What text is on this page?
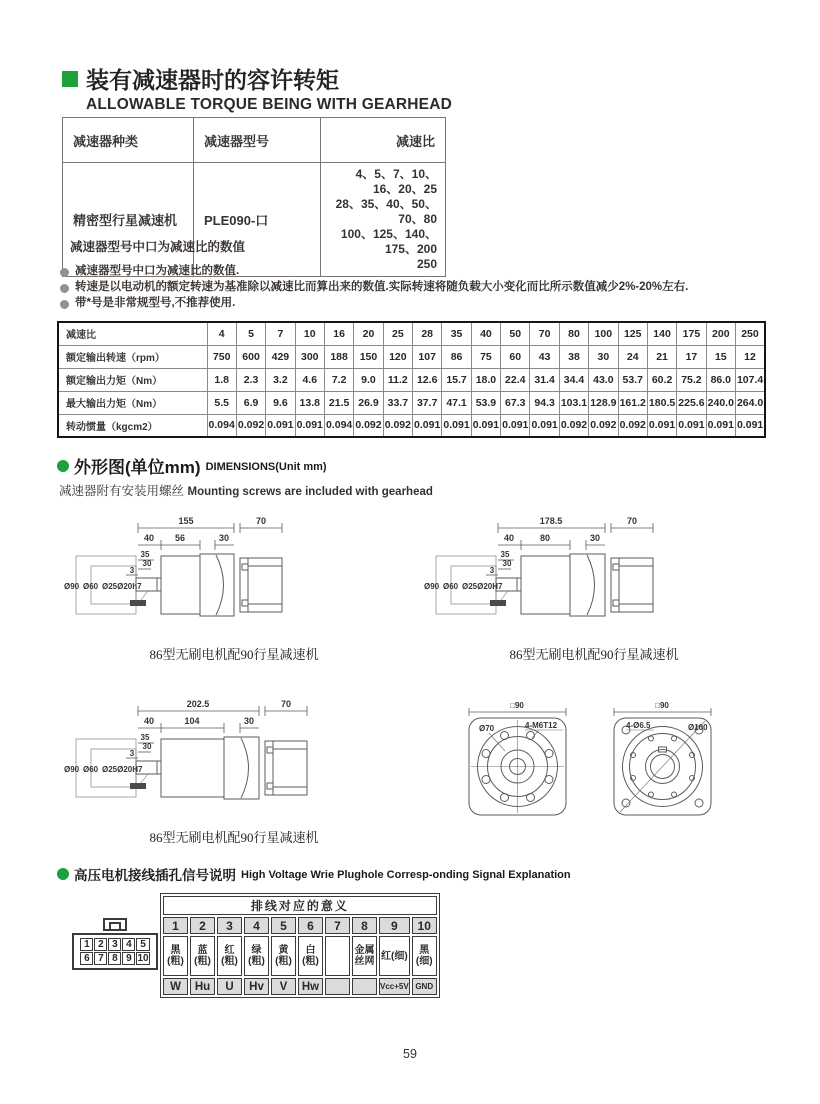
装有减速器时的容许转矩
ALLOWABLE TORQUE BEING WITH GEARHEAD
减速器种类	减速器型号	减速比
精密型行星减速机	PLE090-口	4、5、7、10、16、20、25
28、35、40、50、70、80
100、125、140、175、200
250
减速器型号中口为减速比的数值
减速器型号中口为减速比的数值.
转速是以电动机的额定转速为基准除以减速比而算出来的数值.实际转速将随负载大小变化而比所示数值减少2%-20%左右.
带*号是非常规型号,不推荐使用.
减速比	4	5	7	10	16	20	25	28	35	40	50	70	80	100	125	140	175	200	250
额定输出转速（rpm）	750	600	429	300	188	150	120	107	86	75	60	43	38	30	24	21	17	15	12
额定输出力矩（Nm）	1.8	2.3	3.2	4.6	7.2	9.0	11.2	12.6	15.7	18.0	22.4	31.4	34.4	43.0	53.7	60.2	75.2	86.0	107.4
最大输出力矩（Nm）	5.5	6.9	9.6	13.8	21.5	26.9	33.7	37.7	47.1	53.9	67.3	94.3	103.1	128.9	161.2	180.5	225.6	240.0	264.0
转动惯量（kgcm2）	0.094	0.092	0.091	0.091	0.094	0.092	0.092	0.091	0.091	0.091	0.091	0.091	0.092	0.092	0.092	0.091	0.091	0.091	0.091
外形图(单位mm) DIMENSIONS(Unit mm)
减速器附有安装用螺丝 Mounting screws are included with gearhead
155	70
40 56	30
35
30
3
Ø90 Ø60 Ø25Ø20h7
86型无刷电机配90行星减速机
178.5	70
40	80	30
35
30
3
Ø90 Ø60 Ø25Ø20H7
86型无刷电机配90行星减速机
202.5	70
40	104	30
35
30
3
Ø90 Ø60 Ø25Ø20H7
86型无刷电机配90行星减速机
□90
Ø70	4-M6T12
□90
4-Ø6.5	Ø100
高压电机接线插孔信号说明 High Voltage Wrie Plughole Corresp-onding Signal Explanation
1	2	3	4	5
6	7	8	9	10
排线对应的意义									
1	2	3	4	5	6	7	8	9	10
黑(粗)	蓝(粗)	红(粗)	绿(粗)	黄(粗)	白(粗)		金属丝网	红(细)	黑(细)
W	Hu	U	Hv	V	Hw			Vcc+5V	GND
59
